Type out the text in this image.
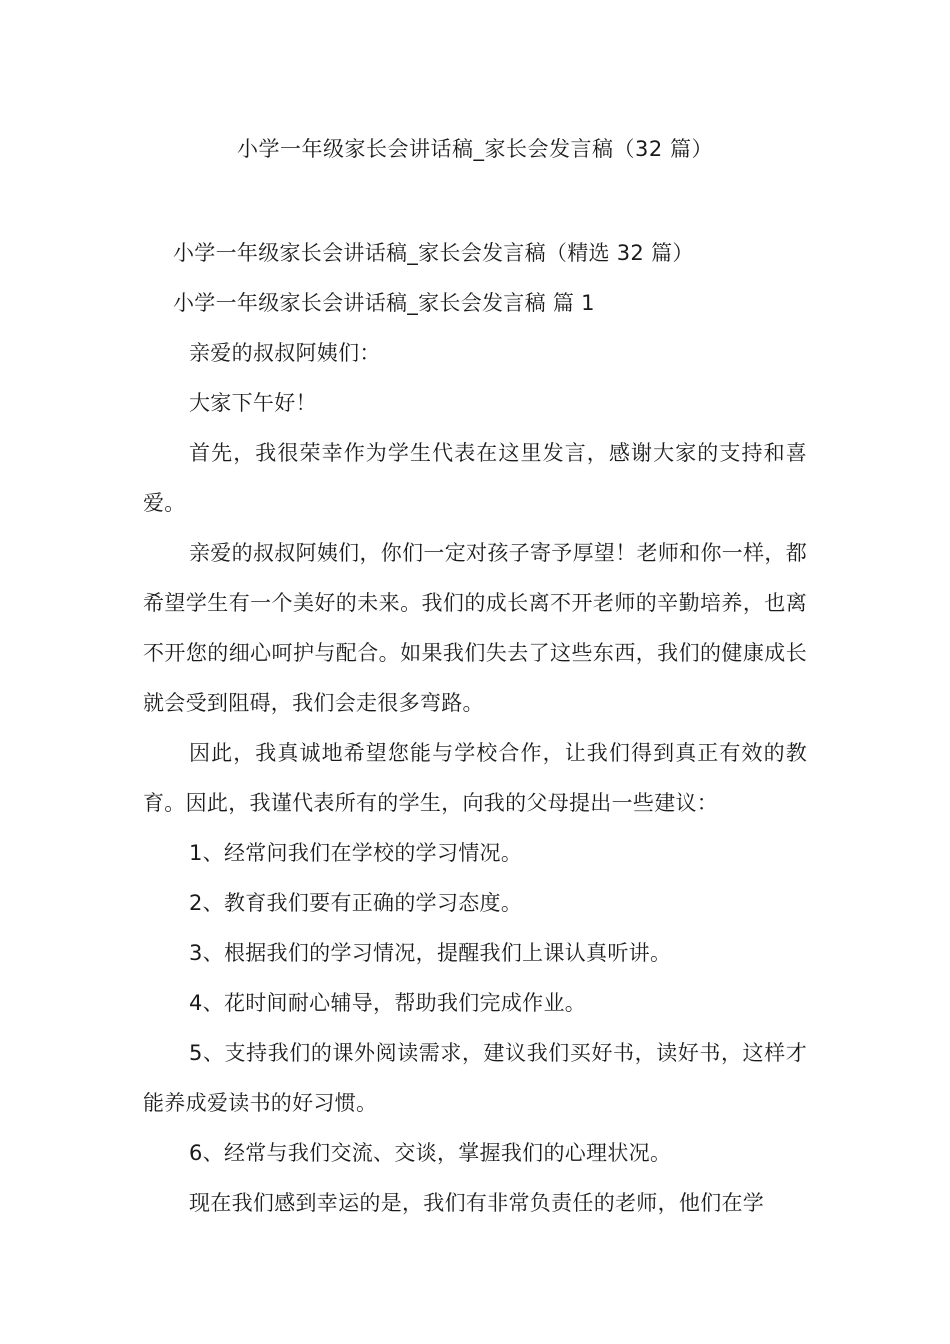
小学一年级家长会讲话稿_家长会发言稿（32 篇）

小学一年级家长会讲话稿_家长会发言稿（精选 32 篇）

小学一年级家长会讲话稿_家长会发言稿 篇 1

亲爱的叔叔阿姨们：

大家下午好！

首先，我很荣幸作为学生代表在这里发言，感谢大家的支持和喜爱。

亲爱的叔叔阿姨们，你们一定对孩子寄予厚望！老师和你一样，都希望学生有一个美好的未来。我们的成长离不开老师的辛勤培养，也离不开您的细心呵护与配合。如果我们失去了这些东西，我们的健康成长就会受到阻碍，我们会走很多弯路。

因此，我真诚地希望您能与学校合作，让我们得到真正有效的教育。因此，我谨代表所有的学生，向我的父母提出一些建议：

1、经常问我们在学校的学习情况。

2、教育我们要有正确的学习态度。

3、根据我们的学习情况，提醒我们上课认真听讲。

4、花时间耐心辅导，帮助我们完成作业。

5、支持我们的课外阅读需求，建议我们买好书，读好书，这样才能养成爱读书的好习惯。

6、经常与我们交流、交谈，掌握我们的心理状况。

现在我们感到幸运的是，我们有非常负责任的老师，他们在学
